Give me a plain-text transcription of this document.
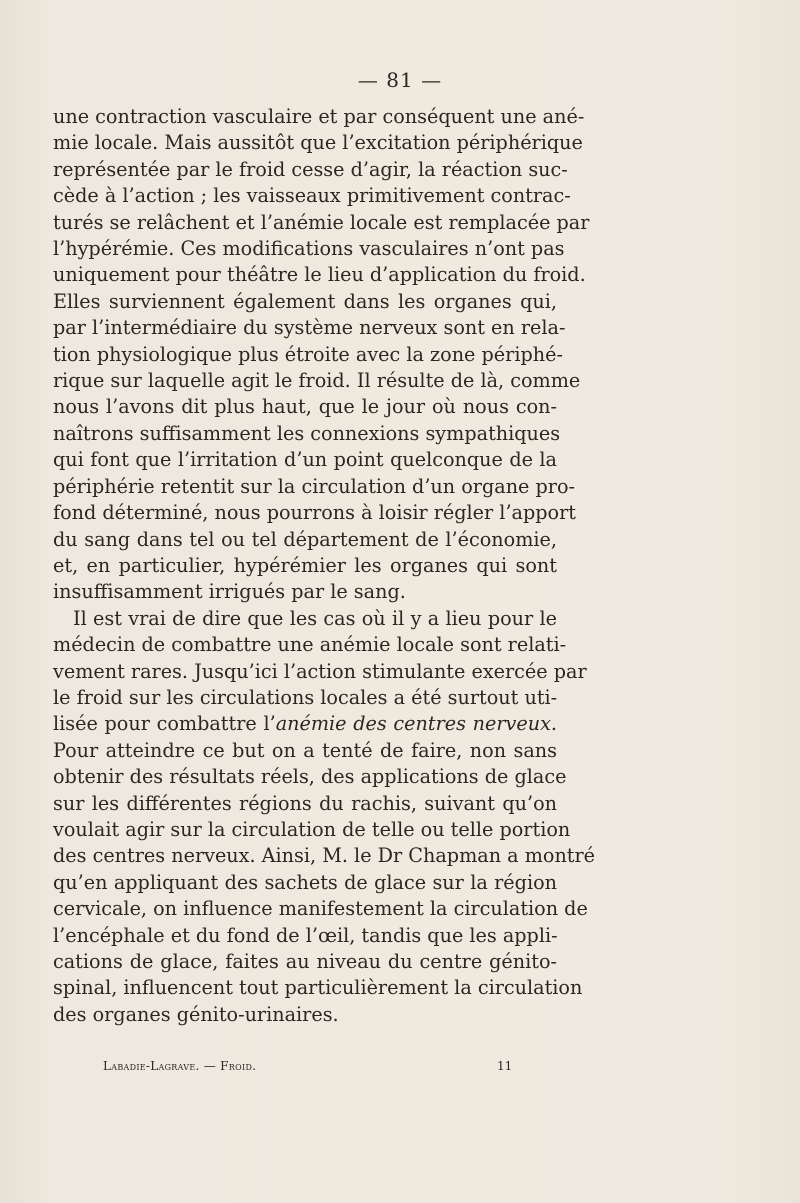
— 81 —
une contraction vasculaire et par conséquent une ané-
mie locale. Mais aussitôt que l’excitation périphérique
représentée par le froid cesse d’agir, la réaction suc-
cède à l’action ; les vaisseaux primitivement contrac-
turés se relâchent et l’anémie locale est remplacée par
l’hypérémie. Ces modifications vasculaires n’ont pas
uniquement pour théâtre le lieu d’application du froid.
Elles surviennent également dans les organes qui,
par l’intermédiaire du système nerveux sont en rela-
tion physiologique plus étroite avec la zone périphé-
rique sur laquelle agit le froid. Il résulte de là, comme
nous l’avons dit plus haut, que le jour où nous con-
naîtrons suffisamment les connexions sympathiques
qui font que l’irritation d’un point quelconque de la
périphérie retentit sur la circulation d’un organe pro-
fond déterminé, nous pourrons à loisir régler l’apport
du sang dans tel ou tel département de l’économie,
et, en particulier, hypérémier les organes qui sont
insuffisamment irrigués par le sang.
Il est vrai de dire que les cas où il y a lieu pour le
médecin de combattre une anémie locale sont relati-
vement rares. Jusqu’ici l’action stimulante exercée par
le froid sur les circulations locales a été surtout uti-
lisée pour combattre l’anémie des centres nerveux.
Pour atteindre ce but on a tenté de faire, non sans
obtenir des résultats réels, des applications de glace
sur les différentes régions du rachis, suivant qu’on
voulait agir sur la circulation de telle ou telle portion
des centres nerveux. Ainsi, M. le Dr Chapman a montré
qu’en appliquant des sachets de glace sur la région
cervicale, on influence manifestement la circulation de
l’encéphale et du fond de l’œil, tandis que les appli-
cations de glace, faites au niveau du centre génito-
spinal, influencent tout particulièrement la circulation
des organes génito-urinaires.
Labadie-Lagrave. — Froid.	11
